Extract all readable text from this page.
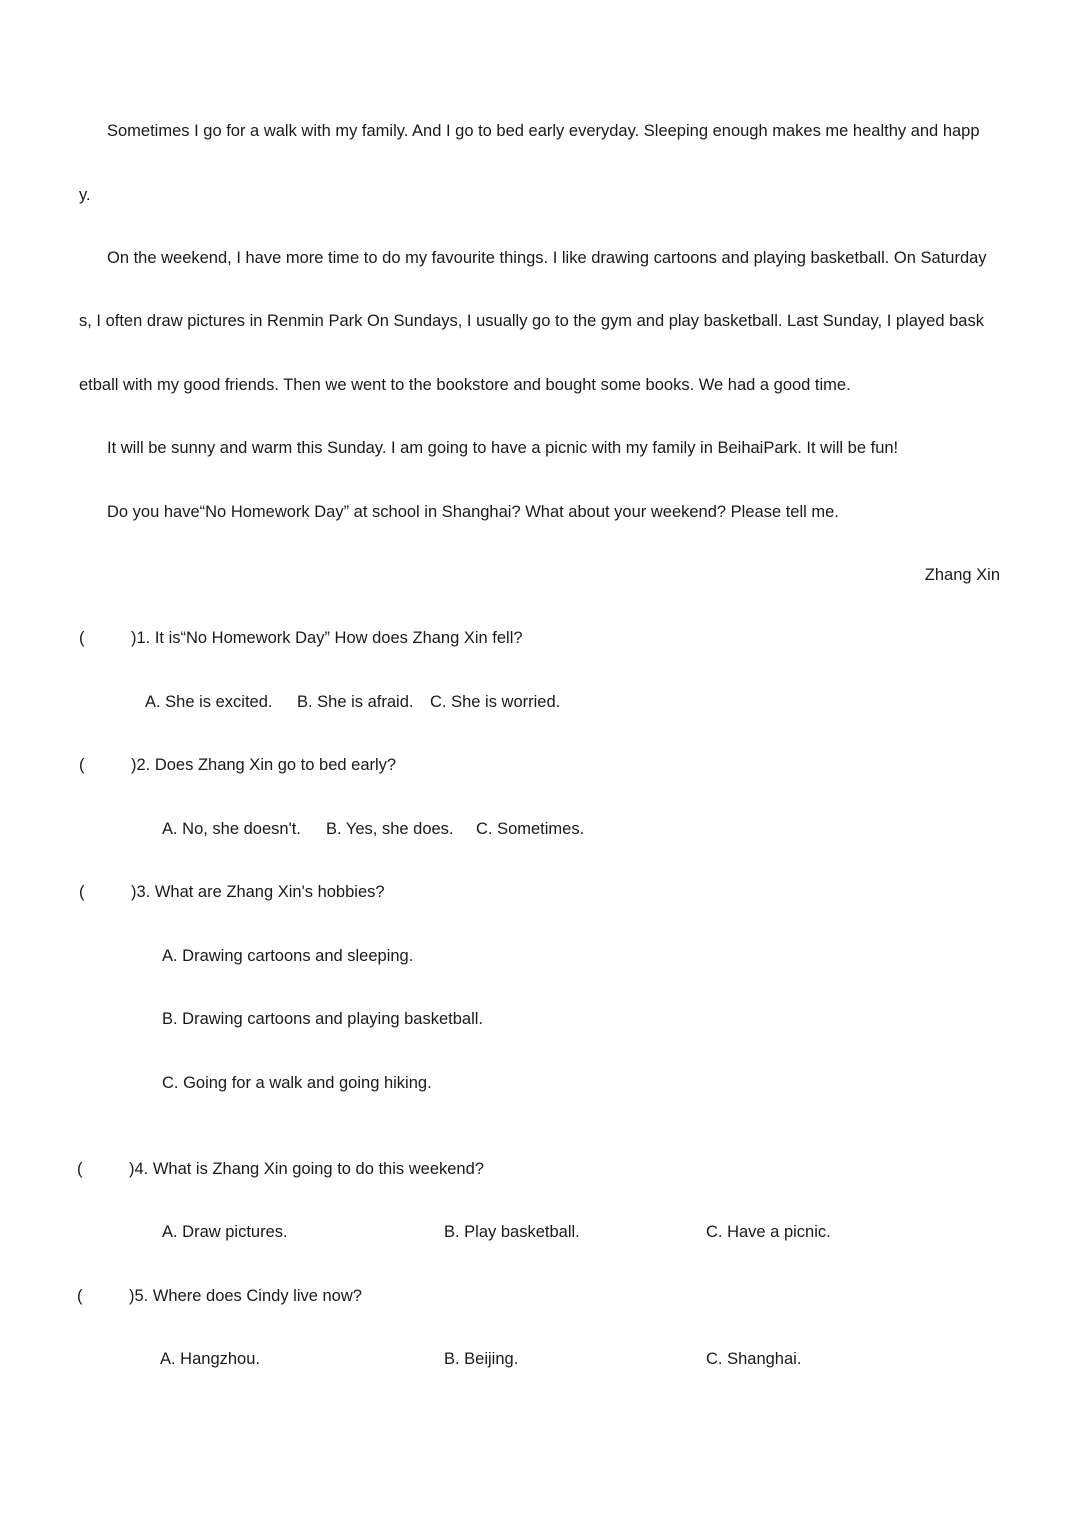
Sometimes I go for a walk with my family. And I go to bed early everyday. Sleeping enough makes me healthy and happ
y.
On the weekend, I have more time to do my favourite things. I like drawing cartoons and playing basketball. On Saturday
s, I often draw pictures in Renmin Park On Sundays, I usually go to the gym and play basketball. Last Sunday, I played bask
etball with my good friends. Then we went to the bookstore and bought some books. We had a good time.
It will be sunny and warm this Sunday. I am going to have a picnic with my family in BeihaiPark. It will be fun!
Do you have“No Homework Day” at school in Shanghai? What about your weekend? Please tell me.
Zhang Xin
(	)1. It is“No Homework Day” How does Zhang Xin fell?
A. She is excited. B. She is afraid. C. She is worried.
(	)2. Does Zhang Xin go to bed early?
A. No, she doesn't. B. Yes, she does. C. Sometimes.
(	)3. What are Zhang Xin's hobbies?
A. Drawing cartoons and sleeping.
B. Drawing cartoons and playing basketball.
C. Going for a walk and going hiking.
(	)4. What is Zhang Xin going to do this weekend?
A. Draw pictures.	B. Play basketball.	C. Have a picnic.
(	)5. Where does Cindy live now?
A. Hangzhou.	B. Beijing.	C. Shanghai.
